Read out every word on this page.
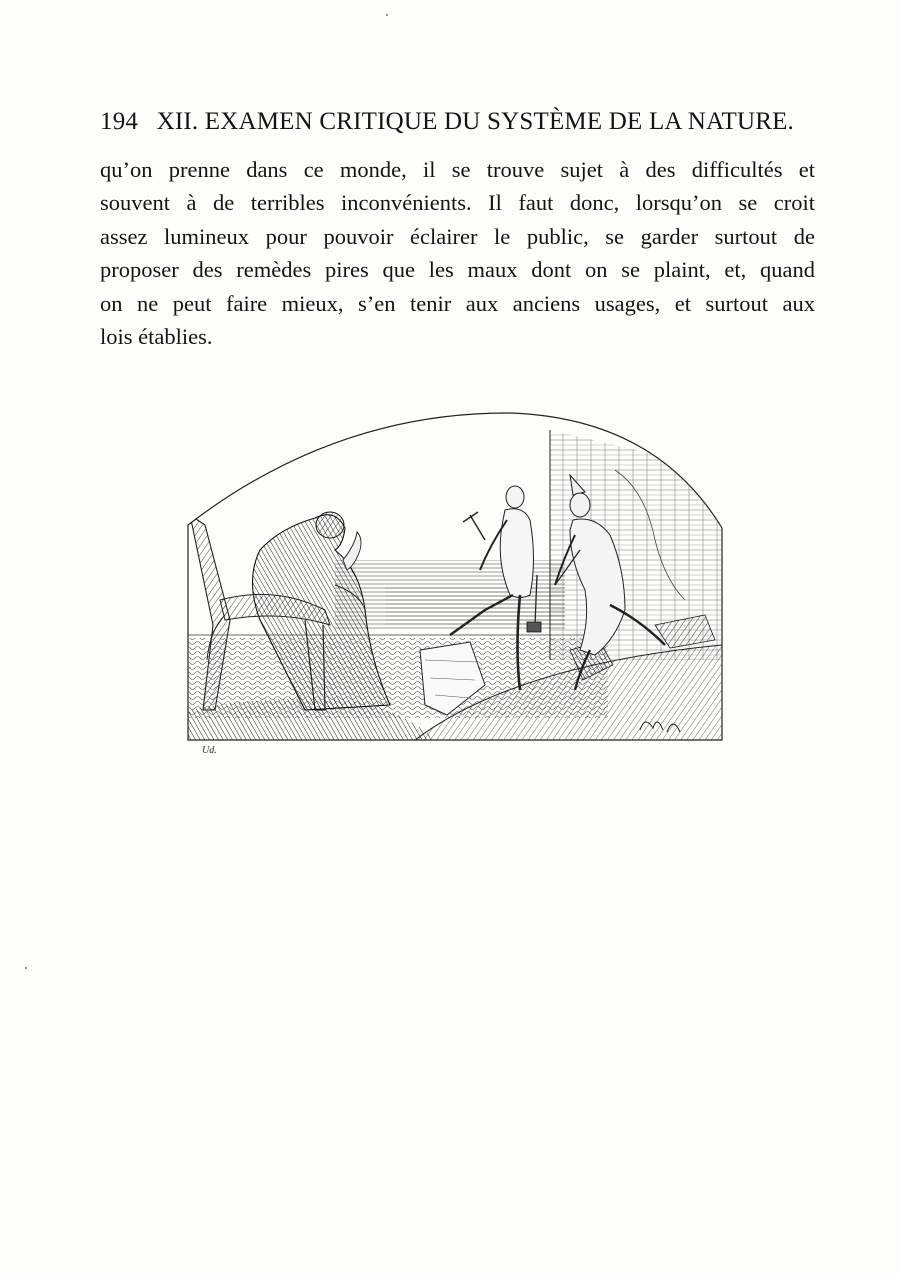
194 XII. EXAMEN CRITIQUE DU SYSTÈME DE LA NATURE.
qu’on prenne dans ce monde, il se trouve sujet à des difficultés et
souvent à de terribles inconvénients. Il faut donc, lorsqu’on se croit
assez lumineux pour pouvoir éclairer le public, se garder surtout de
proposer des remèdes pires que les maux dont on se plaint, et, quand
on ne peut faire mieux, s’en tenir aux anciens usages, et surtout aux
lois établies.
Ud.
